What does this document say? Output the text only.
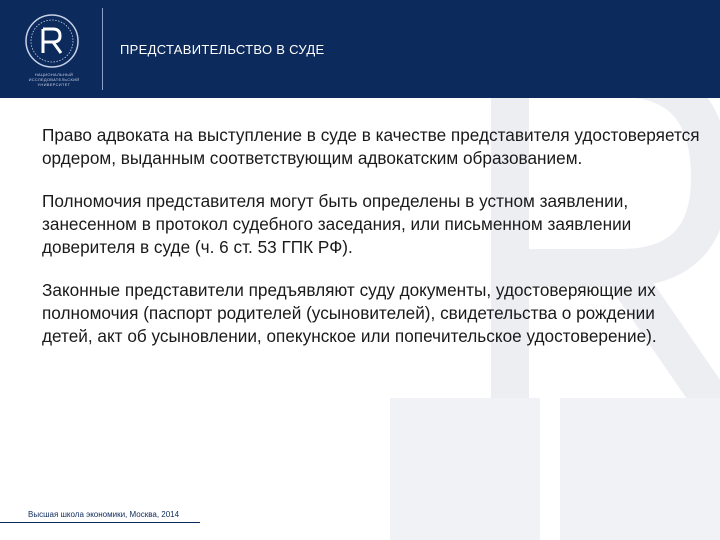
НАЦИОНАЛЬНЫЙ ИССЛЕДОВАТЕЛЬСКИЙ УНИВЕРСИТЕТ
ПРЕДСТАВИТЕЛЬСТВО В СУДЕ

Право адвоката на выступление в суде в качестве представителя удостоверяется ордером, выданным соответствующим адвокатским образованием.

Полномочия представителя могут быть определены в устном заявлении, занесенном в протокол судебного заседания, или письменном заявлении доверителя в суде (ч. 6 ст. 53 ГПК РФ).

Законные представители предъявляют суду документы, удостоверяющие их полномочия (паспорт родителей (усыновителей), свидетельства о рождении детей, акт об усыновлении, опекунское или попечительское удостоверение).

Высшая школа экономики, Москва, 2014
